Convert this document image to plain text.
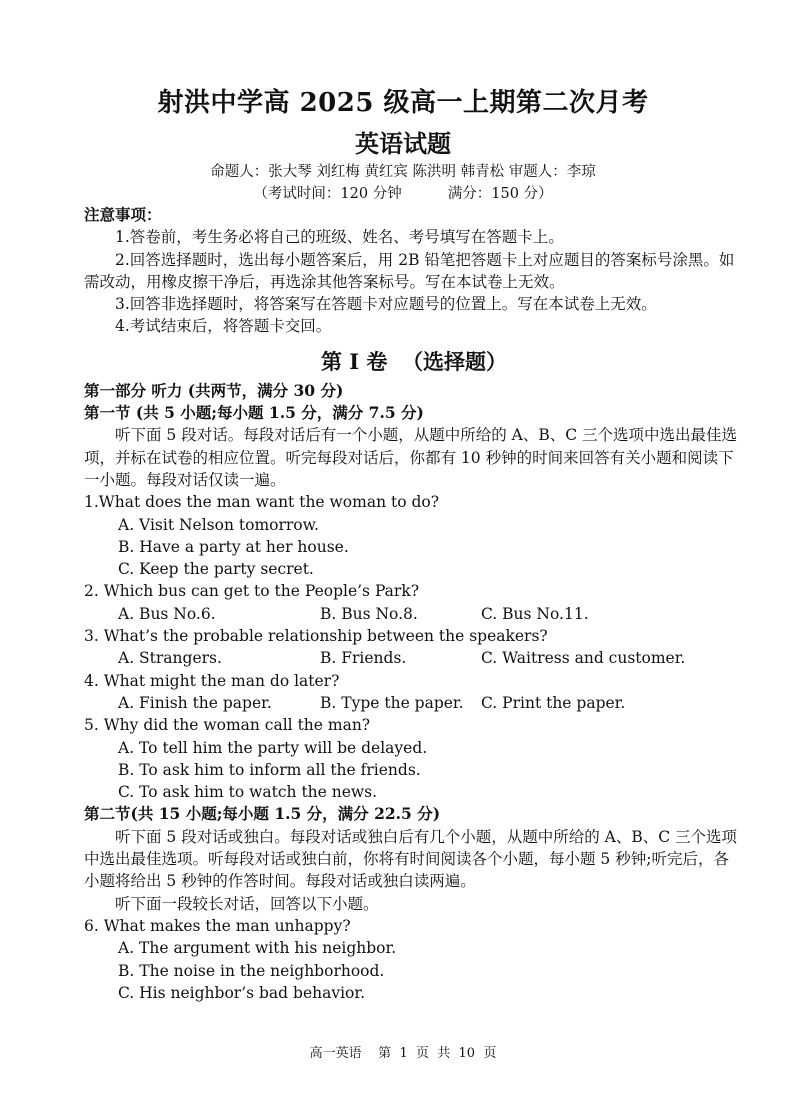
射洪中学高 2025 级高一上期第二次月考
英语试题
命题人：张大琴 刘红梅 黄红宾 陈洪明 韩青松 审题人：李琼
（考试时间：120 分钟          满分：150 分）

注意事项：

1.答卷前，考生务必将自己的班级、姓名、考号填写在答题卡上。

2.回答选择题时，选出每小题答案后，用 2B 铅笔把答题卡上对应题目的答案标号涂黑。如需改动，用橡皮擦干净后，再选涂其他答案标号。写在本试卷上无效。

3.回答非选择题时，将答案写在答题卡对应题号的位置上。写在本试卷上无效。

4.考试结束后，将答题卡交回。

第 I 卷  （选择题）

第一部分 听力 (共两节，满分 30 分)

第一节 (共 5 小题;每小题 1.5 分，满分 7.5 分)

听下面 5 段对话。每段对话后有一个小题，从题中所给的 A、B、C 三个选项中选出最佳选项，并标在试卷的相应位置。听完每段对话后，你都有 10 秒钟的时间来回答有关小题和阅读下一小题。每段对话仅读一遍。

1.What does the man want the woman to do?

A. Visit Nelson tomorrow.

B. Have a party at her house.

C. Keep the party secret.

2. Which bus can get to the People’s Park?

A. Bus No.6.	B. Bus No.8.	C. Bus No.11.

3. What’s the probable relationship between the speakers?

A. Strangers.	B. Friends.	C. Waitress and customer.

4. What might the man do later?

A. Finish the paper.	B. Type the paper.	C. Print the paper.

5. Why did the woman call the man?

A. To tell him the party will be delayed.

B. To ask him to inform all the friends.

C. To ask him to watch the news.

第二节(共 15 小题;每小题 1.5 分，满分 22.5 分)

听下面 5 段对话或独白。每段对话或独白后有几个小题，从题中所给的 A、B、C 三个选项中选出最佳选项。听每段对话或独白前，你将有时间阅读各个小题，每小题 5 秒钟;听完后，各小题将给出 5 秒钟的作答时间。每段对话或独白读两遍。

听下面一段较长对话，回答以下小题。

6. What makes the man unhappy?

A. The argument with his neighbor.

B. The noise in the neighborhood.

C. His neighbor’s bad behavior.

高一英语    第  1  页  共  10  页
